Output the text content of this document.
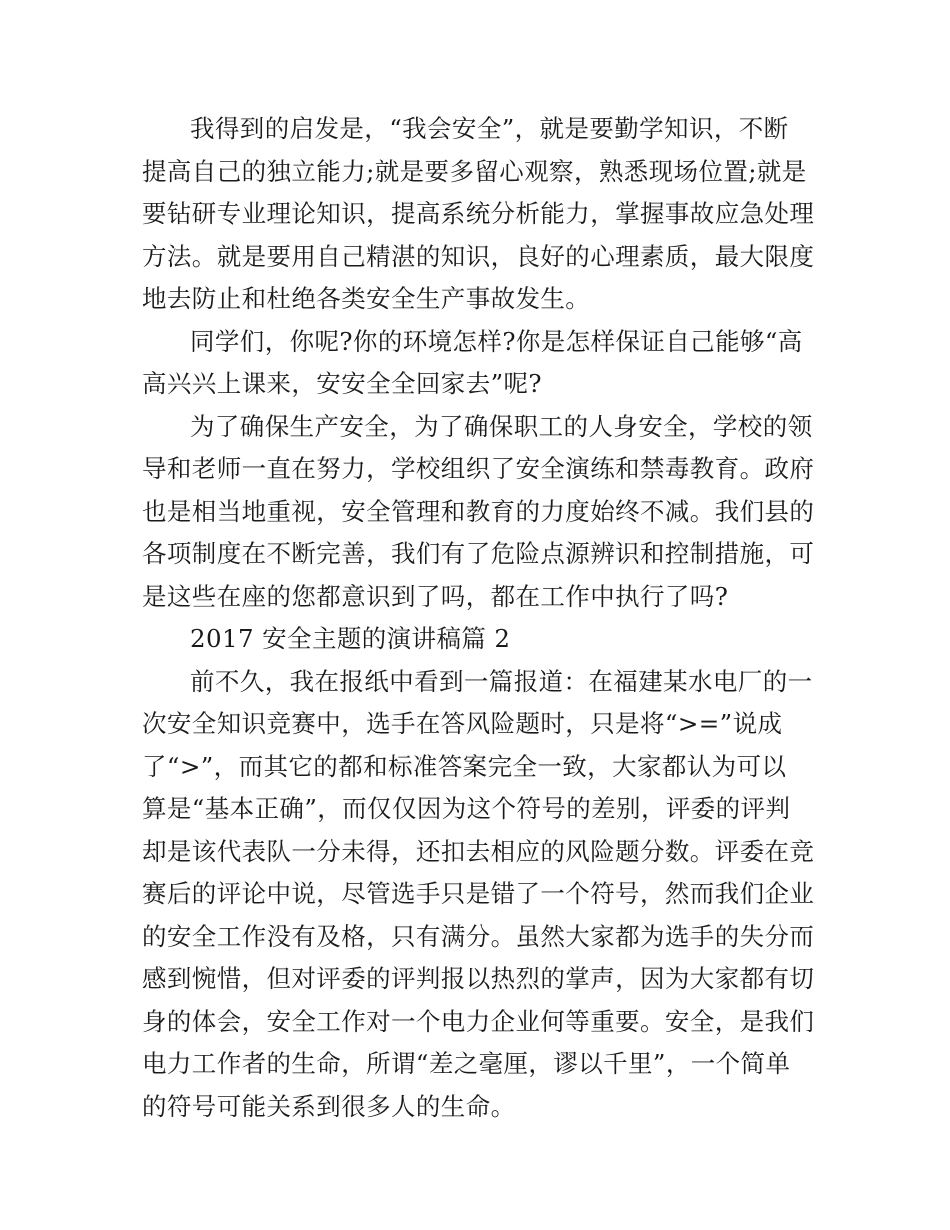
我得到的启发是，“我会安全”，就是要勤学知识，不断
提高自己的独立能力;就是要多留心观察，熟悉现场位置;就是
要钻研专业理论知识，提高系统分析能力，掌握事故应急处理
方法。就是要用自己精湛的知识，良好的心理素质，最大限度
地去防止和杜绝各类安全生产事故发生。
同学们，你呢?你的环境怎样?你是怎样保证自己能够“高
高兴兴上课来，安安全全回家去”呢?
为了确保生产安全，为了确保职工的人身安全，学校的领
导和老师一直在努力，学校组织了安全演练和禁毒教育。政府
也是相当地重视，安全管理和教育的力度始终不减。我们县的
各项制度在不断完善，我们有了危险点源辨识和控制措施，可
是这些在座的您都意识到了吗，都在工作中执行了吗?
2017 安全主题的演讲稿篇 2
前不久，我在报纸中看到一篇报道：在福建某水电厂的一
次安全知识竞赛中，选手在答风险题时，只是将“>=”说成
了“>”，而其它的都和标准答案完全一致，大家都认为可以
算是“基本正确”，而仅仅因为这个符号的差别，评委的评判
却是该代表队一分未得，还扣去相应的风险题分数。评委在竞
赛后的评论中说，尽管选手只是错了一个符号，然而我们企业
的安全工作没有及格，只有满分。虽然大家都为选手的失分而
感到惋惜，但对评委的评判报以热烈的掌声，因为大家都有切
身的体会，安全工作对一个电力企业何等重要。安全，是我们
电力工作者的生命，所谓“差之毫厘，谬以千里”，一个简单
的符号可能关系到很多人的生命。
